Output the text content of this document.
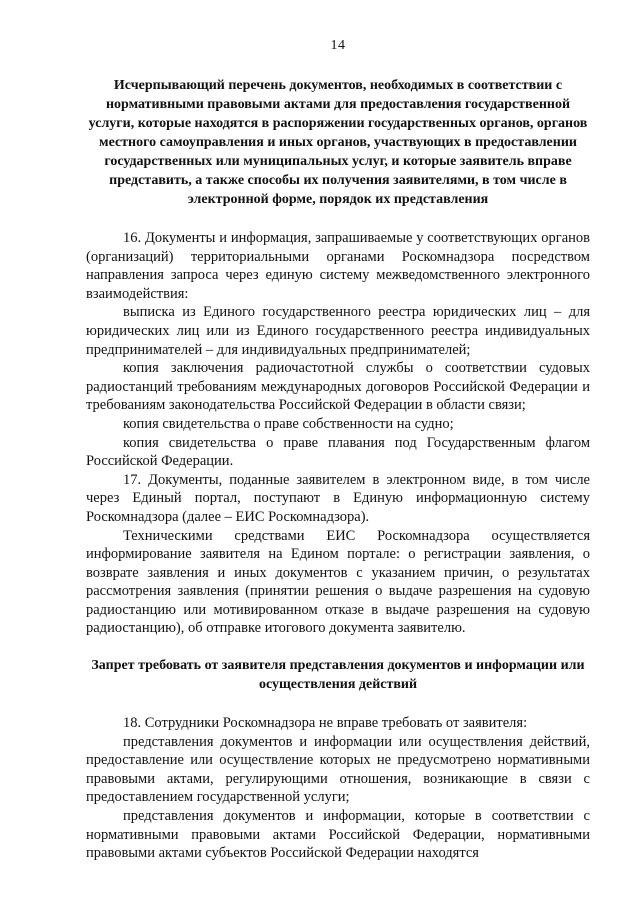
14
Исчерпывающий перечень документов, необходимых в соответствии с нормативными правовыми актами для предоставления государственной услуги, которые находятся в распоряжении государственных органов, органов местного самоуправления и иных органов, участвующих в предоставлении государственных или муниципальных услуг, и которые заявитель вправе представить, а также способы их получения заявителями, в том числе в электронной форме, порядок их представления

16. Документы и информация, запрашиваемые у соответствующих органов (организаций) территориальными органами Роскомнадзора посредством направления запроса через единую систему межведомственного электронного взаимодействия:

выписка из Единого государственного реестра юридических лиц – для юридических лиц или из Единого государственного реестра индивидуальных предпринимателей – для индивидуальных предпринимателей;

копия заключения радиочастотной службы о соответствии судовых радиостанций требованиям международных договоров Российской Федерации и требованиям законодательства Российской Федерации в области связи;

копия свидетельства о праве собственности на судно;

копия свидетельства о праве плавания под Государственным флагом Российской Федерации.

17. Документы, поданные заявителем в электронном виде, в том числе через Единый портал, поступают в Единую информационную систему Роскомнадзора (далее – ЕИС Роскомнадзора).

Техническими средствами ЕИС Роскомнадзора осуществляется информирование заявителя на Едином портале: о регистрации заявления, о возврате заявления и иных документов с указанием причин, о результатах рассмотрения заявления (принятии решения о выдаче разрешения на судовую радиостанцию или мотивированном отказе в выдаче разрешения на судовую радиостанцию), об отправке итогового документа заявителю.

Запрет требовать от заявителя представления документов и информации или осуществления действий

18. Сотрудники Роскомнадзора не вправе требовать от заявителя:

представления документов и информации или осуществления действий, предоставление или осуществление которых не предусмотрено нормативными правовыми актами, регулирующими отношения, возникающие в связи с предоставлением государственной услуги;

представления документов и информации, которые в соответствии с нормативными правовыми актами Российской Федерации, нормативными правовыми актами субъектов Российской Федерации находятся
